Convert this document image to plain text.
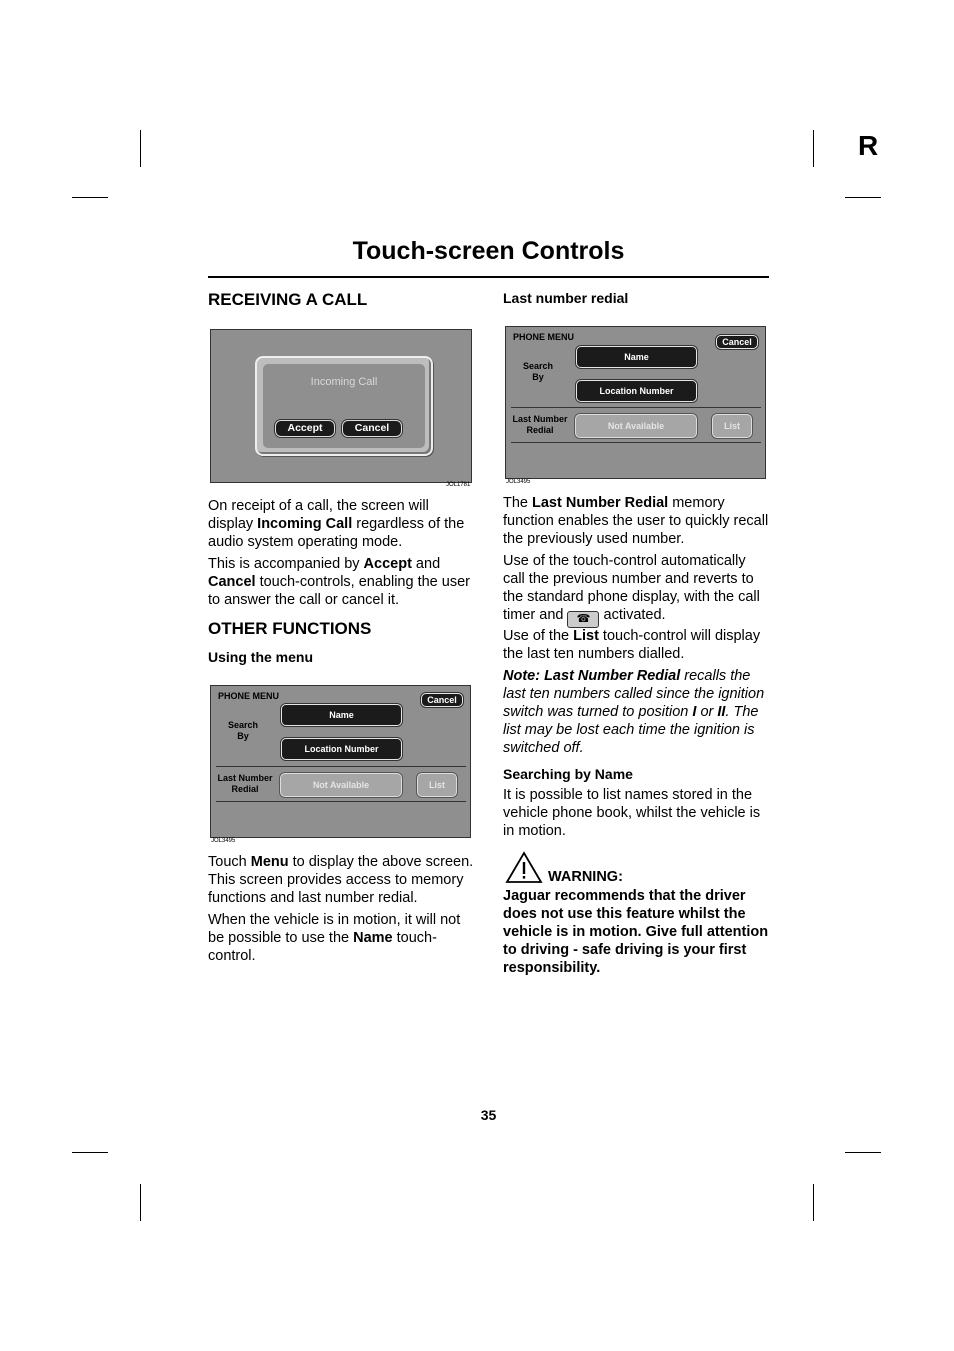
R
Touch-screen Controls
RECEIVING A CALL
Incoming Call
Accept	Cancel
JOL1781

On receipt of a call, the screen will display Incoming Call regardless of the audio system operating mode.

This is accompanied by Accept and Cancel touch-controls, enabling the user to answer the call or cancel it.

OTHER FUNCTIONS
Using the menu
PHONE MENU	Cancel
Search
By
Name
Location Number
Last Number
Redial	Not Available	List
JOL3495

Touch Menu to display the above screen. This screen provides access to memory functions and last number redial.

When the vehicle is in motion, it will not be possible to use the Name touch-control.

Last number redial
PHONE MENU	Cancel
Search
By
Name
Location Number
Last Number
Redial	Not Available	List
JOL3495

The Last Number Redial memory function enables the user to quickly recall the previously used number.

Use of the touch-control automatically call the previous number and reverts to the standard phone display, with the call timer and ☎ activated.

Use of the List touch-control will display the last ten numbers dialled.

Note: Last Number Redial recalls the last ten numbers called since the ignition switch was turned to position I or II. The list may be lost each time the ignition is switched off.

Searching by Name

It is possible to list names stored in the vehicle phone book, whilst the vehicle is in motion.

WARNING:

Jaguar recommends that the driver does not use this feature whilst the vehicle is in motion. Give full attention to driving - safe driving is your first responsibility.

35
